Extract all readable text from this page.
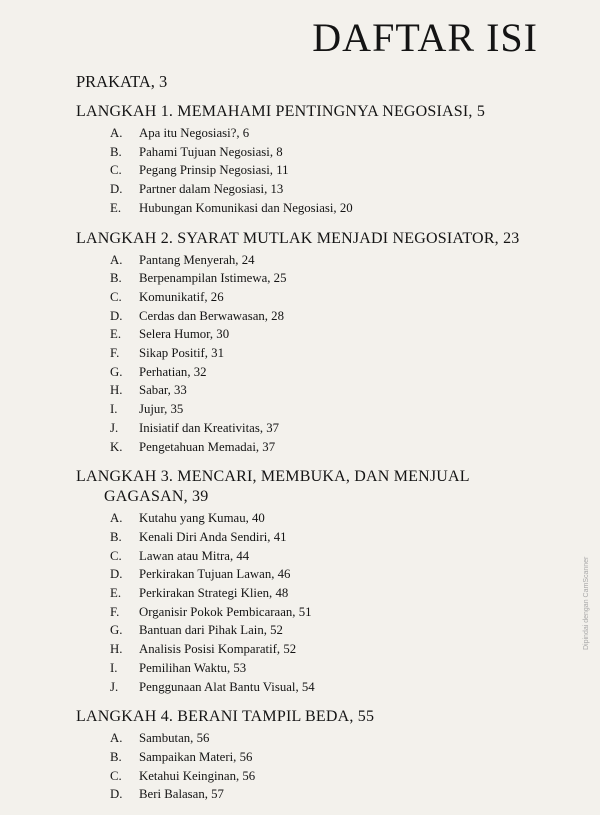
DAFTAR ISI
PRAKATA, 3
LANGKAH 1. MEMAHAMI PENTINGNYA NEGOSIASI, 5
A.	Apa itu Negosiasi?, 6
B.	Pahami Tujuan Negosiasi, 8
C.	Pegang Prinsip Negosiasi, 11
D.	Partner dalam Negosiasi, 13
E.	Hubungan Komunikasi dan Negosiasi, 20
LANGKAH 2. SYARAT MUTLAK MENJADI NEGOSIATOR, 23
A.	Pantang Menyerah, 24
B.	Berpenampilan Istimewa, 25
C.	Komunikatif, 26
D.	Cerdas dan Berwawasan, 28
E.	Selera Humor, 30
F.	Sikap Positif, 31
G.	Perhatian, 32
H.	Sabar, 33
I.	Jujur, 35
J.	Inisiatif dan Kreativitas, 37
K.	Pengetahuan Memadai, 37
LANGKAH 3. MENCARI, MEMBUKA, DAN MENJUAL
GAGASAN, 39
A.	Kutahu yang Kumau, 40
B.	Kenali Diri Anda Sendiri, 41
C.	Lawan atau Mitra, 44
D.	Perkirakan Tujuan Lawan, 46
E.	Perkirakan Strategi Klien, 48
F.	Organisir Pokok Pembicaraan, 51
G.	Bantuan dari Pihak Lain, 52
H.	Analisis Posisi Komparatif, 52
I.	Pemilihan Waktu, 53
J.	Penggunaan Alat Bantu Visual, 54
LANGKAH 4. BERANI TAMPIL BEDA, 55
A.	Sambutan, 56
B.	Sampaikan Materi, 56
C.	Ketahui Keinginan, 56
D.	Beri Balasan, 57
Dipindai dengan CamScanner
